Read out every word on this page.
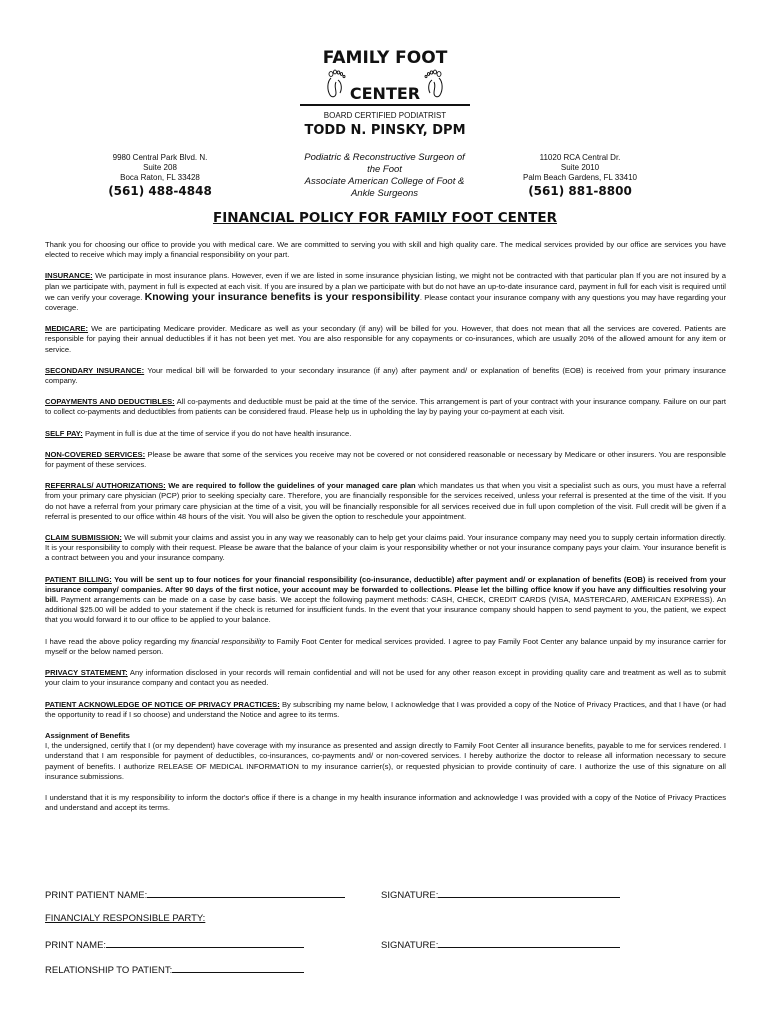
FAMILY FOOT
CENTER
BOARD CERTIFIED PODIATRIST
TODD N. PINSKY, DPM
9980 Central Park Blvd. N.
Suite 208
Boca Raton, FL 33428
(561) 488-4848
Podiatric & Reconstructive Surgeon of
the Foot
Associate American College of Foot &
Ankle Surgeons
11020 RCA Central Dr.
Suite 2010
Palm Beach Gardens, FL 33410
(561) 881-8800
FINANCIAL POLICY FOR FAMILY FOOT CENTER

Thank you for choosing our office to provide you with medical care. We are committed to serving you with skill and high quality care. The medical services provided by our office are services you have elected to receive which may imply a financial responsibility on your part.

INSURANCE: We participate in most insurance plans. However, even if we are listed in some insurance physician listing, we might not be contracted with that particular plan If you are not insured by a plan we participate with, payment in full is expected at each visit. If you are insured by a plan we participate with but do not have an up-to-date insurance card, payment in full for each visit is required until we can verify your coverage. Knowing your insurance benefits is your responsibility. Please contact your insurance company with any questions you may have regarding your coverage.

MEDICARE: We are participating Medicare provider. Medicare as well as your secondary (if any) will be billed for you. However, that does not mean that all the services are covered. Patients are responsible for paying their annual deductibles if it has not been yet met. You are also responsible for any copayments or co-insurances, which are usually 20% of the allowed amount for any item or service.

SECONDARY INSURANCE: Your medical bill will be forwarded to your secondary insurance (if any) after payment and/ or explanation of benefits (EOB) is received from your primary insurance company.

COPAYMENTS AND DEDUCTIBLES: All co-payments and deductible must be paid at the time of the service. This arrangement is part of your contract with your insurance company. Failure on our part to collect co-payments and deductibles from patients can be considered fraud. Please help us in upholding the lay by paying your co-payment at each visit.

SELF PAY: Payment in full is due at the time of service if you do not have health insurance.

NON-COVERED SERVICES: Please be aware that some of the services you receive may not be covered or not considered reasonable or necessary by Medicare or other insurers. You are responsible for payment of these services.

REFERRALS/ AUTHORIZATIONS: We are required to follow the guidelines of your managed care plan which mandates us that when you visit a specialist such as ours, you must have a referral from your primary care physician (PCP) prior to seeking specialty care. Therefore, you are financially responsible for the services received, unless your referral is presented at the time of the visit. If you do not have a referral from your primary care physician at the time of a visit, you will be financially responsible for all services received due in full upon completion of the visit. Full credit will be given if a referral is presented to our office within 48 hours of the visit. You will also be given the option to reschedule your appointment.

CLAIM SUBMISSION: We will submit your claims and assist you in any way we reasonably can to help get your claims paid. Your insurance company may need you to supply certain information directly. It is your responsibility to comply with their request. Please be aware that the balance of your claim is your responsibility whether or not your insurance company pays your claim. Your insurance benefit is a contract between you and your insurance company.

PATIENT BILLING: You will be sent up to four notices for your financial responsibility (co-insurance, deductible) after payment and/ or explanation of benefits (EOB) is received from your insurance company/ companies. After 90 days of the first notice, your account may be forwarded to collections. Please let the billing office know if you have any difficulties resolving your bill. Payment arrangements can be made on a case by case basis. We accept the following payment methods: CASH, CHECK, CREDIT CARDS (VISA, MASTERCARD, AMERICAN EXPRESS). An additional $25.00 will be added to your statement if the check is returned for insufficient funds. In the event that your insurance company should happen to send payment to you, the patient, we expect that you would forward it to our office to be applied to your balance.

I have read the above policy regarding my financial responsibility to Family Foot Center for medical services provided. I agree to pay Family Foot Center any balance unpaid by my insurance carrier for myself or the below named person.

PRIVACY STATEMENT: Any information disclosed in your records will remain confidential and will not be used for any other reason except in providing quality care and treatment as well as to submit your claim to your insurance company and contact you as needed.

PATIENT ACKNOWLEDGE OF NOTICE OF PRIVACY PRACTICES: By subscribing my name below, I acknowledge that I was provided a copy of the Notice of Privacy Practices, and that I have (or had the opportunity to read if I so choose) and understand the Notice and agree to its terms.

Assignment of Benefits
I, the undersigned, certify that I (or my dependent) have coverage with my insurance as presented and assign directly to Family Foot Center all insurance benefits, payable to me for services rendered. I understand that I am responsible for payment of deductibles, co-insurances, co-payments and/ or non-covered services. I hereby authorize the doctor to release all information necessary to secure payment of benefits. I authorize RELEASE OF MEDICAL INFORMATION to my insurance carrier(s), or requested physician to provide continuity of care. I authorize the use of this signature on all insurance submissions.

I understand that it is my responsibility to inform the doctor's office if there is a change in my health insurance information and acknowledge I was provided with a copy of the Notice of Privacy Practices and understand and accept its terms.

PRINT PATIENT NAME:	SIGNATURE:
FINANCIALY RESPONSIBLE PARTY:
PRINT NAME:	SIGNATURE:
RELATIONSHIP TO PATIENT:
